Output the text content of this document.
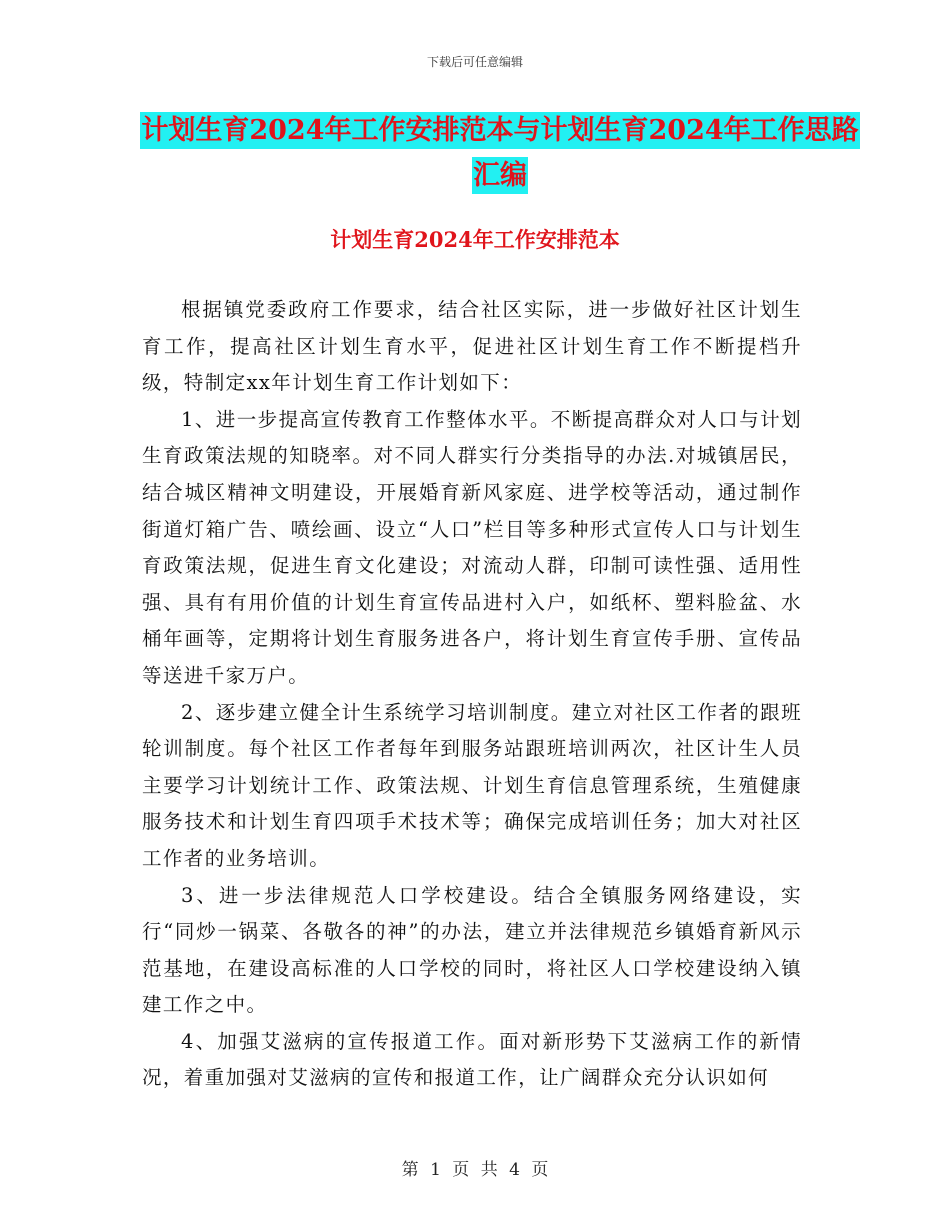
下载后可任意编辑
计划生育2024年工作安排范本与计划生育2024年工作思路汇编
计划生育2024年工作安排范本

根据镇党委政府工作要求，结合社区实际，进一步做好社区计划生育工作，提高社区计划生育水平，促进社区计划生育工作不断提档升级，特制定xx年计划生育工作计划如下：

1、进一步提高宣传教育工作整体水平。不断提高群众对人口与计划生育政策法规的知晓率。对不同人群实行分类指导的办法.对城镇居民，结合城区精神文明建设，开展婚育新风家庭、进学校等活动，通过制作街道灯箱广告、喷绘画、设立“人口”栏目等多种形式宣传人口与计划生育政策法规，促进生育文化建设；对流动人群，印制可读性强、适用性强、具有有用价值的计划生育宣传品进村入户，如纸杯、塑料脸盆、水桶年画等，定期将计划生育服务进各户，将计划生育宣传手册、宣传品等送进千家万户。

2、逐步建立健全计生系统学习培训制度。建立对社区工作者的跟班轮训制度。每个社区工作者每年到服务站跟班培训两次，社区计生人员主要学习计划统计工作、政策法规、计划生育信息管理系统，生殖健康服务技术和计划生育四项手术技术等；确保完成培训任务；加大对社区工作者的业务培训。

3、进一步法律规范人口学校建设。结合全镇服务网络建设，实行“同炒一锅菜、各敬各的神”的办法，建立并法律规范乡镇婚育新风示范基地，在建设高标准的人口学校的同时，将社区人口学校建设纳入镇建工作之中。

4、加强艾滋病的宣传报道工作。面对新形势下艾滋病工作的新情况，着重加强对艾滋病的宣传和报道工作，让广阔群众充分认识如何

第 1 页 共 4 页
